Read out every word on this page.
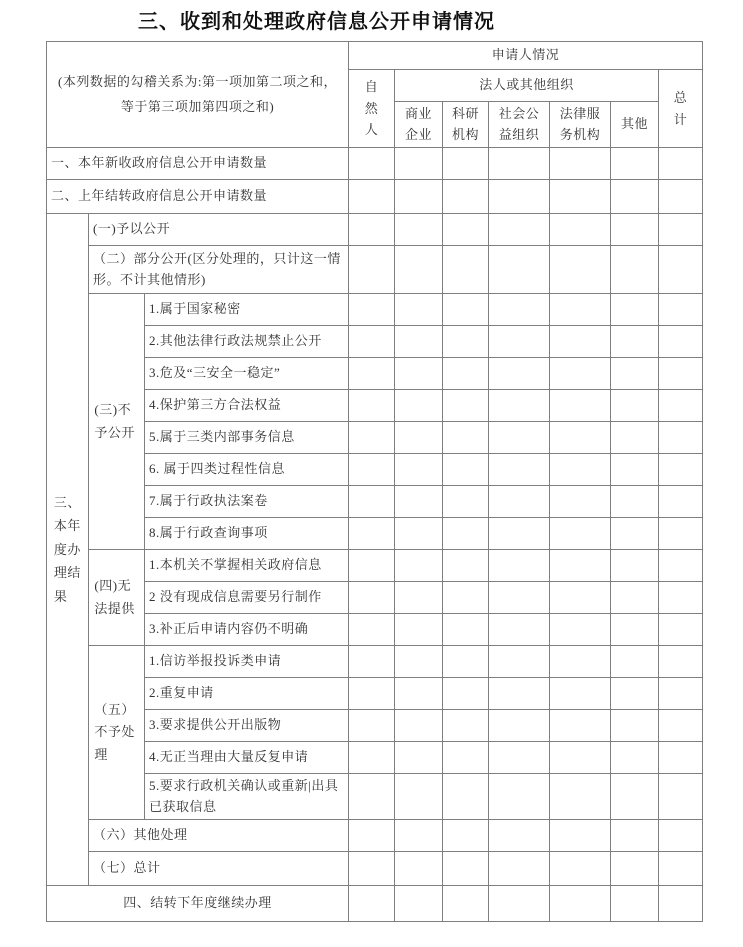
三、收到和处理政府信息公开申请情况
(本列数据的勾稽关系为:第一项加第二项之和，
等于第三项加第四项之和)			申请人情况						
			自然人	法人或其他组织					总计
				商业企业	科研机构	社会公益组织	法律服务机构	其他	
一、本年新收政府信息公开申请数量									
二、上年结转政府信息公开申请数量									
三、本年度办理结果	(一)予以公开								
	（二）部分公开(区分处理的，只计这一情形。不计其他情形)								
	(三)不予公开	1.属于国家秘密							
		2.其他法律行政法规禁止公开							
		3.危及“三安全一稳定”							
		4.保护第三方合法权益							
		5.属于三类内部事务信息							
		6. 属于四类过程性信息							
		7.属于行政执法案卷							
		8.属于行政查询事项							
	(四)无法提供	1.本机关不掌握相关政府信息							
		2 没有现成信息需要另行制作							
		3.补正后申请内容仍不明确							
	（五）不予处理	1.信访举报投诉类申请							
		2.重复申请							
		3.要求提供公开出版物							
		4.无正当理由大量反复申请							
		5.要求行政机关确认或重新|出具已获取信息							
	（六）其他处理								
	（七）总计								
四、结转下年度继续办理									
